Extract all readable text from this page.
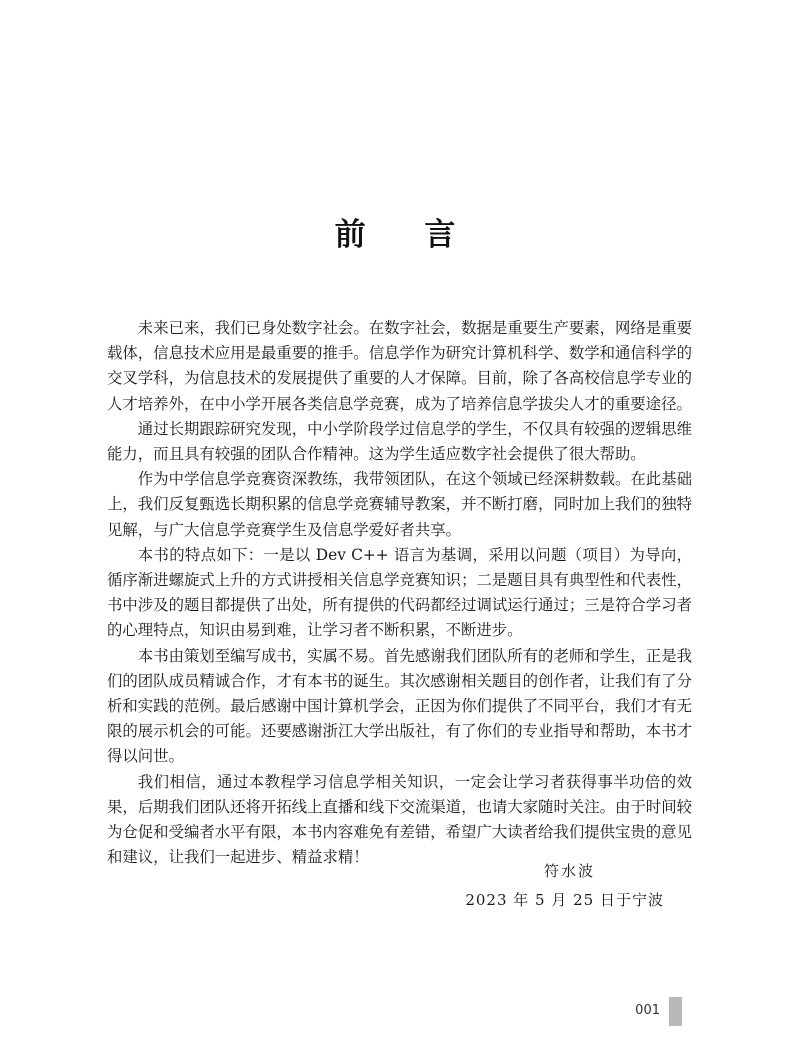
前 言

未来已来，我们已身处数字社会。在数字社会，数据是重要生产要素，网络是重要载体，信息技术应用是最重要的推手。信息学作为研究计算机科学、数学和通信科学的交叉学科，为信息技术的发展提供了重要的人才保障。目前，除了各高校信息学专业的人才培养外，在中小学开展各类信息学竞赛，成为了培养信息学拔尖人才的重要途径。

通过长期跟踪研究发现，中小学阶段学过信息学的学生，不仅具有较强的逻辑思维能力，而且具有较强的团队合作精神。这为学生适应数字社会提供了很大帮助。

作为中学信息学竞赛资深教练，我带领团队，在这个领域已经深耕数载。在此基础上，我们反复甄选长期积累的信息学竞赛辅导教案，并不断打磨，同时加上我们的独特见解，与广大信息学竞赛学生及信息学爱好者共享。

本书的特点如下：一是以 Dev C++ 语言为基调，采用以问题（项目）为导向，循序渐进螺旋式上升的方式讲授相关信息学竞赛知识；二是题目具有典型性和代表性，书中涉及的题目都提供了出处，所有提供的代码都经过调试运行通过；三是符合学习者的心理特点，知识由易到难，让学习者不断积累，不断进步。

本书由策划至编写成书，实属不易。首先感谢我们团队所有的老师和学生，正是我们的团队成员精诚合作，才有本书的诞生。其次感谢相关题目的创作者，让我们有了分析和实践的范例。最后感谢中国计算机学会，正因为你们提供了不同平台，我们才有无限的展示机会的可能。还要感谢浙江大学出版社，有了你们的专业指导和帮助，本书才得以问世。

我们相信，通过本教程学习信息学相关知识，一定会让学习者获得事半功倍的效果，后期我们团队还将开拓线上直播和线下交流渠道，也请大家随时关注。由于时间较为仓促和受编者水平有限，本书内容难免有差错，希望广大读者给我们提供宝贵的意见和建议，让我们一起进步、精益求精！

符水波
2023 年 5 月 25 日于宁波
001
